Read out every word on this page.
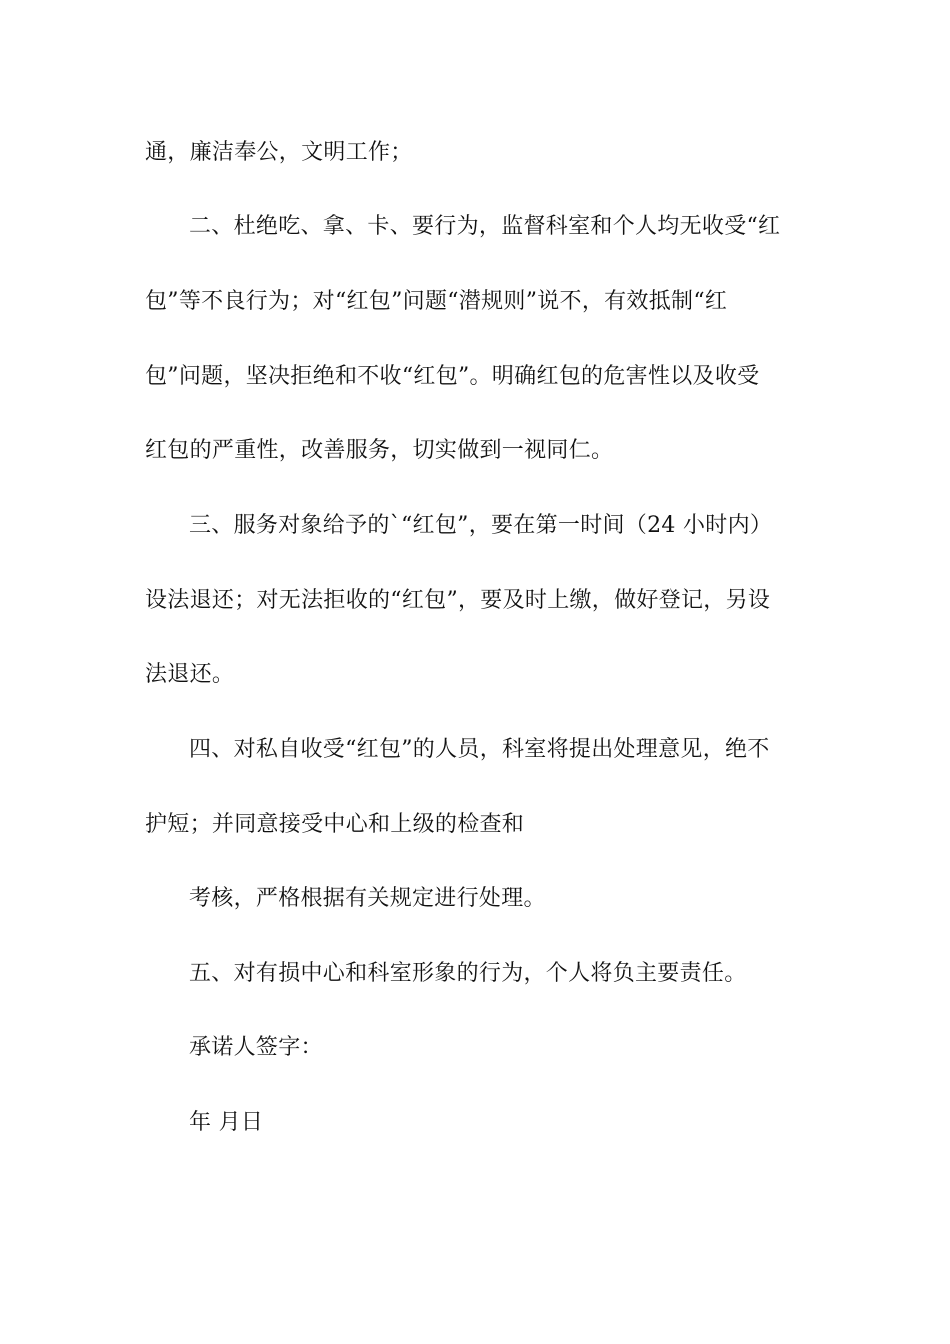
通，廉洁奉公，文明工作；
二、杜绝吃、拿、卡、要行为，监督科室和个人均无收受“红
包”等不良行为；对“红包”问题“潜规则”说不，有效抵制“红
包”问题，坚决拒绝和不收“红包”。明确红包的危害性以及收受
红包的严重性，改善服务，切实做到一视同仁。
三、服务对象给予的`“红包”，要在第一时间（24 小时内）
设法退还；对无法拒收的“红包”，要及时上缴，做好登记，另设
法退还。
四、对私自收受“红包”的人员，科室将提出处理意见，绝不
护短；并同意接受中心和上级的检查和
考核，严格根据有关规定进行处理。
五、对有损中心和科室形象的行为，个人将负主要责任。
承诺人签字：
年 月日
